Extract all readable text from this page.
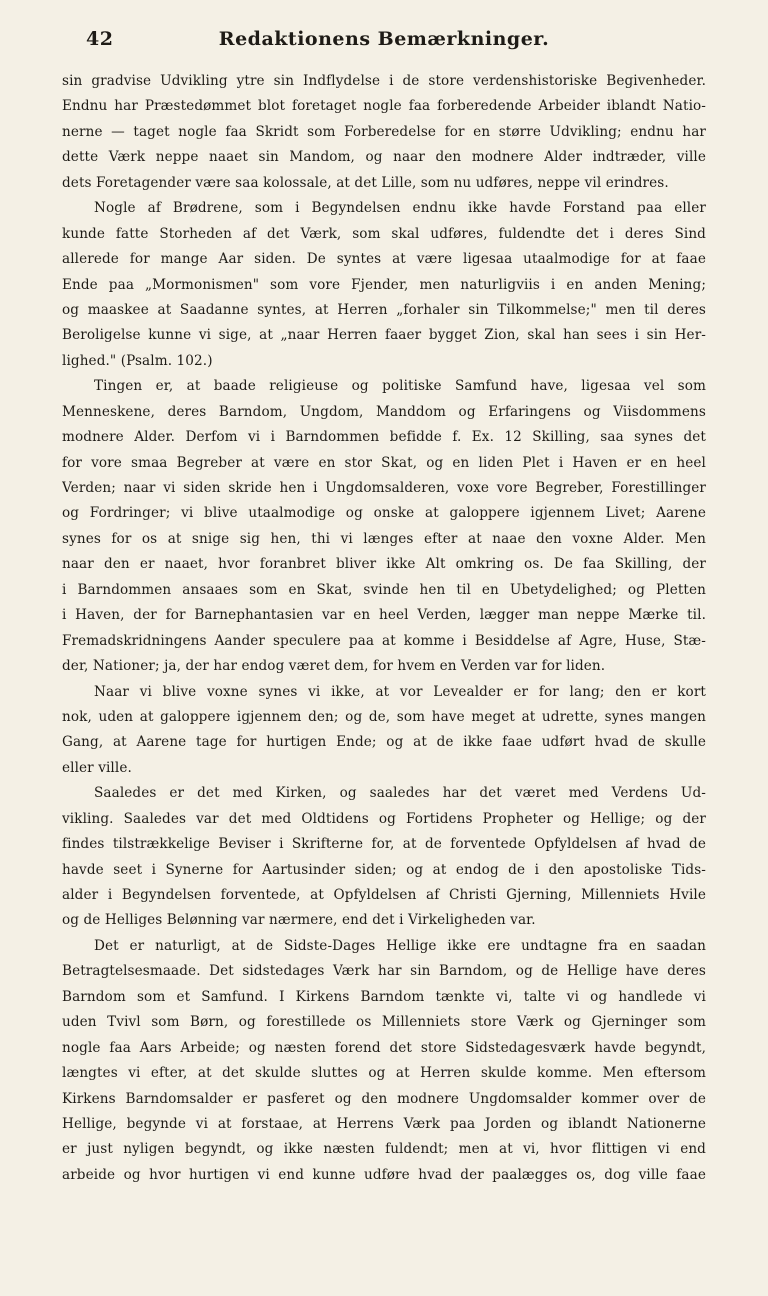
42	Redaktionens Bemærkninger.
sin gradvise Udvikling ytre sin Indflydelse i de store verdenshistoriske Begivenheder.
Endnu har Præstedømmet blot foretaget nogle faa forberedende Arbeider iblandt Natio-
nerne — taget nogle faa Skridt som Forberedelse for en større Udvikling; endnu har
dette Værk neppe naaet sin Mandom, og naar den modnere Alder indtræder, ville
dets Foretagender være saa kolossale, at det Lille, som nu udføres, neppe vil erindres.
Nogle af Brødrene, som i Begyndelsen endnu ikke havde Forstand paa eller
kunde fatte Storheden af det Værk, som skal udføres, fuldendte det i deres Sind
allerede for mange Aar siden. De syntes at være ligesaa utaalmodige for at faae
Ende paa „Mormonismen" som vore Fjender, men naturligviis i en anden Mening;
og maaskee at Saadanne syntes, at Herren „forhaler sin Tilkommelse;" men til deres
Beroligelse kunne vi sige, at „naar Herren faaer bygget Zion, skal han sees i sin Her-
lighed." (Psalm. 102.)
Tingen er, at baade religieuse og politiske Samfund have, ligesaa vel som
Menneskene, deres Barndom, Ungdom, Manddom og Erfaringens og Viisdommens
modnere Alder. Derfom vi i Barndommen befidde f. Ex. 12 Skilling, saa synes det
for vore smaa Begreber at være en stor Skat, og en liden Plet i Haven er en heel
Verden; naar vi siden skride hen i Ungdomsalderen, voxe vore Begreber, Forestillinger
og Fordringer; vi blive utaalmodige og onske at galoppere igjennem Livet; Aarene
synes for os at snige sig hen, thi vi længes efter at naae den voxne Alder. Men
naar den er naaet, hvor foranbret bliver ikke Alt omkring os. De faa Skilling, der
i Barndommen ansaaes som en Skat, svinde hen til en Ubetydelighed; og Pletten
i Haven, der for Barnephantasien var en heel Verden, lægger man neppe Mærke til.
Fremadskridningens Aander speculere paa at komme i Besiddelse af Agre, Huse, Stæ-
der, Nationer; ja, der har endog været dem, for hvem en Verden var for liden.
Naar vi blive voxne synes vi ikke, at vor Levealder er for lang; den er kort
nok, uden at galoppere igjennem den; og de, som have meget at udrette, synes mangen
Gang, at Aarene tage for hurtigen Ende; og at de ikke faae udført hvad de skulle
eller ville.
Saaledes er det med Kirken, og saaledes har det været med Verdens Ud-
vikling. Saaledes var det med Oldtidens og Fortidens Propheter og Hellige; og der
findes tilstrækkelige Beviser i Skrifterne for, at de forventede Opfyldelsen af hvad de
havde seet i Synerne for Aartusinder siden; og at endog de i den apostoliske Tids-
alder i Begyndelsen forventede, at Opfyldelsen af Christi Gjerning, Millenniets Hvile
og de Helliges Belønning var nærmere, end det i Virkeligheden var.
Det er naturligt, at de Sidste-Dages Hellige ikke ere undtagne fra en saadan
Betragtelsesmaade. Det sidstedages Værk har sin Barndom, og de Hellige have deres
Barndom som et Samfund. I Kirkens Barndom tænkte vi, talte vi og handlede vi
uden Tvivl som Børn, og forestillede os Millenniets store Værk og Gjerninger som
nogle faa Aars Arbeide; og næsten forend det store Sidstedagesværk havde begyndt,
længtes vi efter, at det skulde sluttes og at Herren skulde komme. Men eftersom
Kirkens Barndomsalder er pasferet og den modnere Ungdomsalder kommer over de
Hellige, begynde vi at forstaae, at Herrens Værk paa Jorden og iblandt Nationerne
er just nyligen begyndt, og ikke næsten fuldendt; men at vi, hvor flittigen vi end
arbeide og hvor hurtigen vi end kunne udføre hvad der paalægges os, dog ville faae
